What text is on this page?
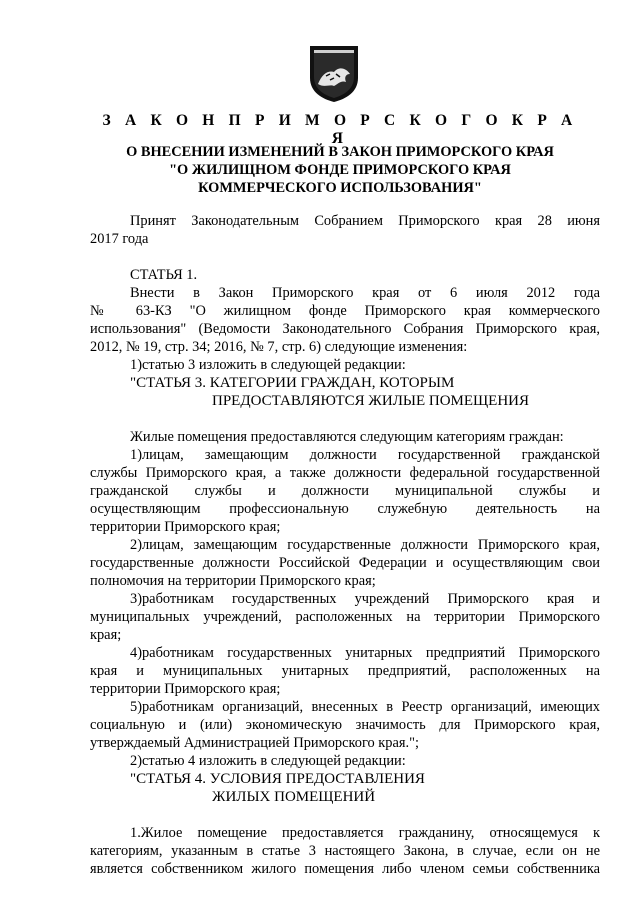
З А К О Н П Р И М О Р С К О Г О К Р А Я
О ВНЕСЕНИИ ИЗМЕНЕНИЙ В ЗАКОН ПРИМОРСКОГО КРАЯ
"О ЖИЛИЩНОМ ФОНДЕ ПРИМОРСКОГО КРАЯ
КОММЕРЧЕСКОГО ИСПОЛЬЗОВАНИЯ"
Принят Законодательным Собранием Приморского края 28 июня
2017 года
СТАТЬЯ 1.
Внести в Закон Приморского края от 6 июля 2012 года
№ 63-КЗ "О жилищном фонде Приморского края коммерческого
использования" (Ведомости Законодательного Собрания Приморского края,
2012, № 19, стр. 34; 2016, № 7, стр. 6) следующие изменения:
1)статью 3 изложить в следующей редакции:
"СТАТЬЯ 3. КАТЕГОРИИ ГРАЖДАН, КОТОРЫМ
ПРЕДОСТАВЛЯЮТСЯ ЖИЛЫЕ ПОМЕЩЕНИЯ
Жилые помещения предоставляются следующим категориям граждан:
1)лицам, замещающим должности государственной гражданской
службы Приморского края, а также должности федеральной государственной
гражданской службы и должности муниципальной службы и
осуществляющим профессиональную служебную деятельность на
территории Приморского края;
2)лицам, замещающим государственные должности Приморского края,
государственные должности Российской Федерации и осуществляющим свои
полномочия на территории Приморского края;
3)работникам государственных учреждений Приморского края и
муниципальных учреждений, расположенных на территории Приморского
края;
4)работникам государственных унитарных предприятий Приморского
края и муниципальных унитарных предприятий, расположенных на
территории Приморского края;
5)работникам организаций, внесенных в Реестр организаций, имеющих
социальную и (или) экономическую значимость для Приморского края,
утверждаемый Администрацией Приморского края.";
2)статью 4 изложить в следующей редакции:
"СТАТЬЯ 4. УСЛОВИЯ ПРЕДОСТАВЛЕНИЯ
ЖИЛЫХ ПОМЕЩЕНИЙ
1.Жилое помещение предоставляется гражданину, относящемуся к
категориям, указанным в статье 3 настоящего Закона, в случае, если он не
является собственником жилого помещения либо членом семьи собственника
